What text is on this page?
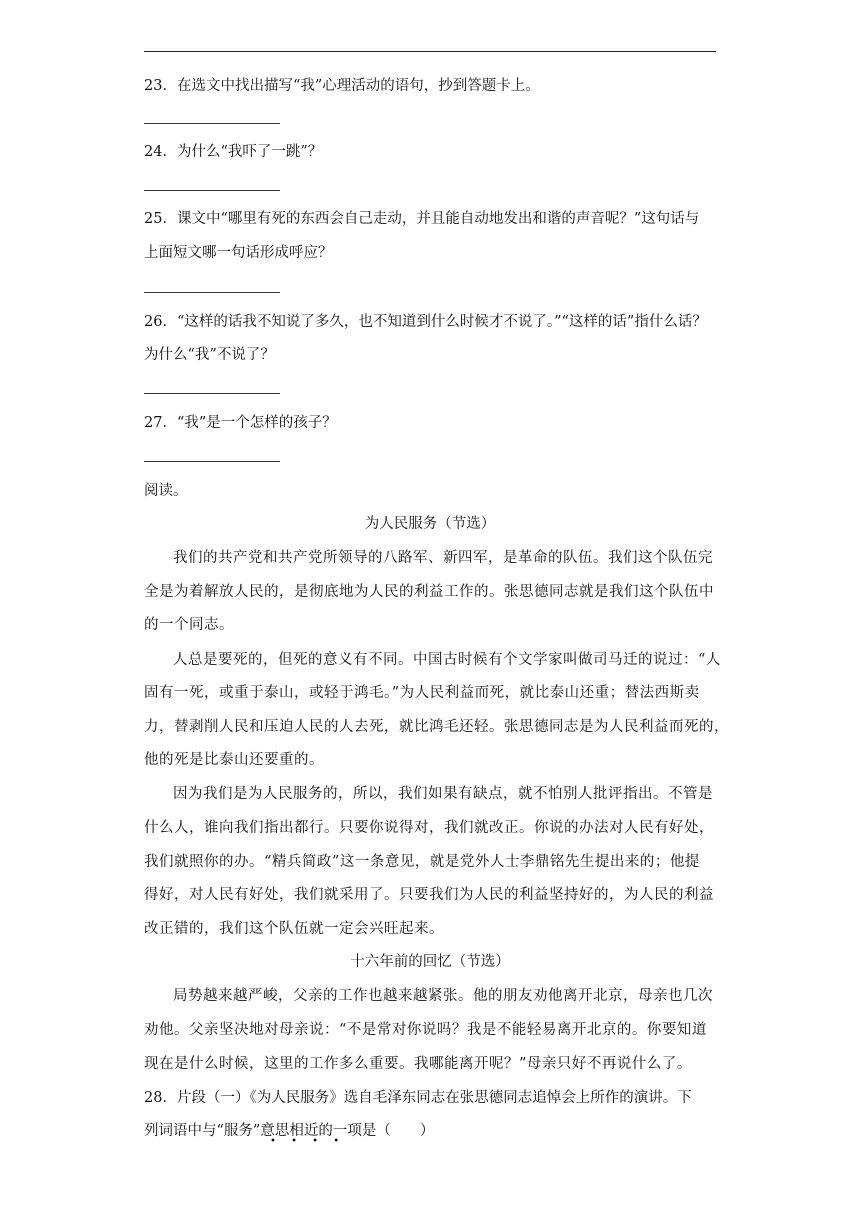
23．在选文中找出描写“我”心理活动的语句，抄到答题卡上。
24．为什么“我吓了一跳”？
25．课文中“哪里有死的东西会自己走动，并且能自动地发出和谐的声音呢？”这句话与
上面短文哪一句话形成呼应？
26．“这样的话我不知说了多久，也不知道到什么时候才不说了。”“这样的话”指什么话？
为什么“我”不说了？
27．“我”是一个怎样的孩子？
阅读。
为人民服务（节选）
我们的共产党和共产党所领导的八路军、新四军，是革命的队伍。我们这个队伍完
全是为着解放人民的，是彻底地为人民的利益工作的。张思德同志就是我们这个队伍中
的一个同志。
人总是要死的，但死的意义有不同。中国古时候有个文学家叫做司马迁的说过：“人
固有一死，或重于泰山，或轻于鸿毛。”为人民利益而死，就比泰山还重；替法西斯卖
力，替剥削人民和压迫人民的人去死，就比鸿毛还轻。张思德同志是为人民利益而死的，
他的死是比泰山还要重的。
因为我们是为人民服务的，所以，我们如果有缺点，就不怕别人批评指出。不管是
什么人，谁向我们指出都行。只要你说得对，我们就改正。你说的办法对人民有好处，
我们就照你的办。“精兵简政”这一条意见，就是党外人士李鼎铭先生提出来的；他提
得好，对人民有好处，我们就采用了。只要我们为人民的利益坚持好的，为人民的利益
改正错的，我们这个队伍就一定会兴旺起来。
十六年前的回忆（节选）
局势越来越严峻，父亲的工作也越来越紧张。他的朋友劝他离开北京，母亲也几次
劝他。父亲坚决地对母亲说：“不是常对你说吗？我是不能轻易离开北京的。你要知道
现在是什么时候，这里的工作多么重要。我哪能离开呢？”母亲只好不再说什么了。
28．片段（一）《为人民服务》选自毛泽东同志在张思德同志追悼会上所作的演讲。下
列词语中与“服务”意思相近的一项是（　　）
• • • •
